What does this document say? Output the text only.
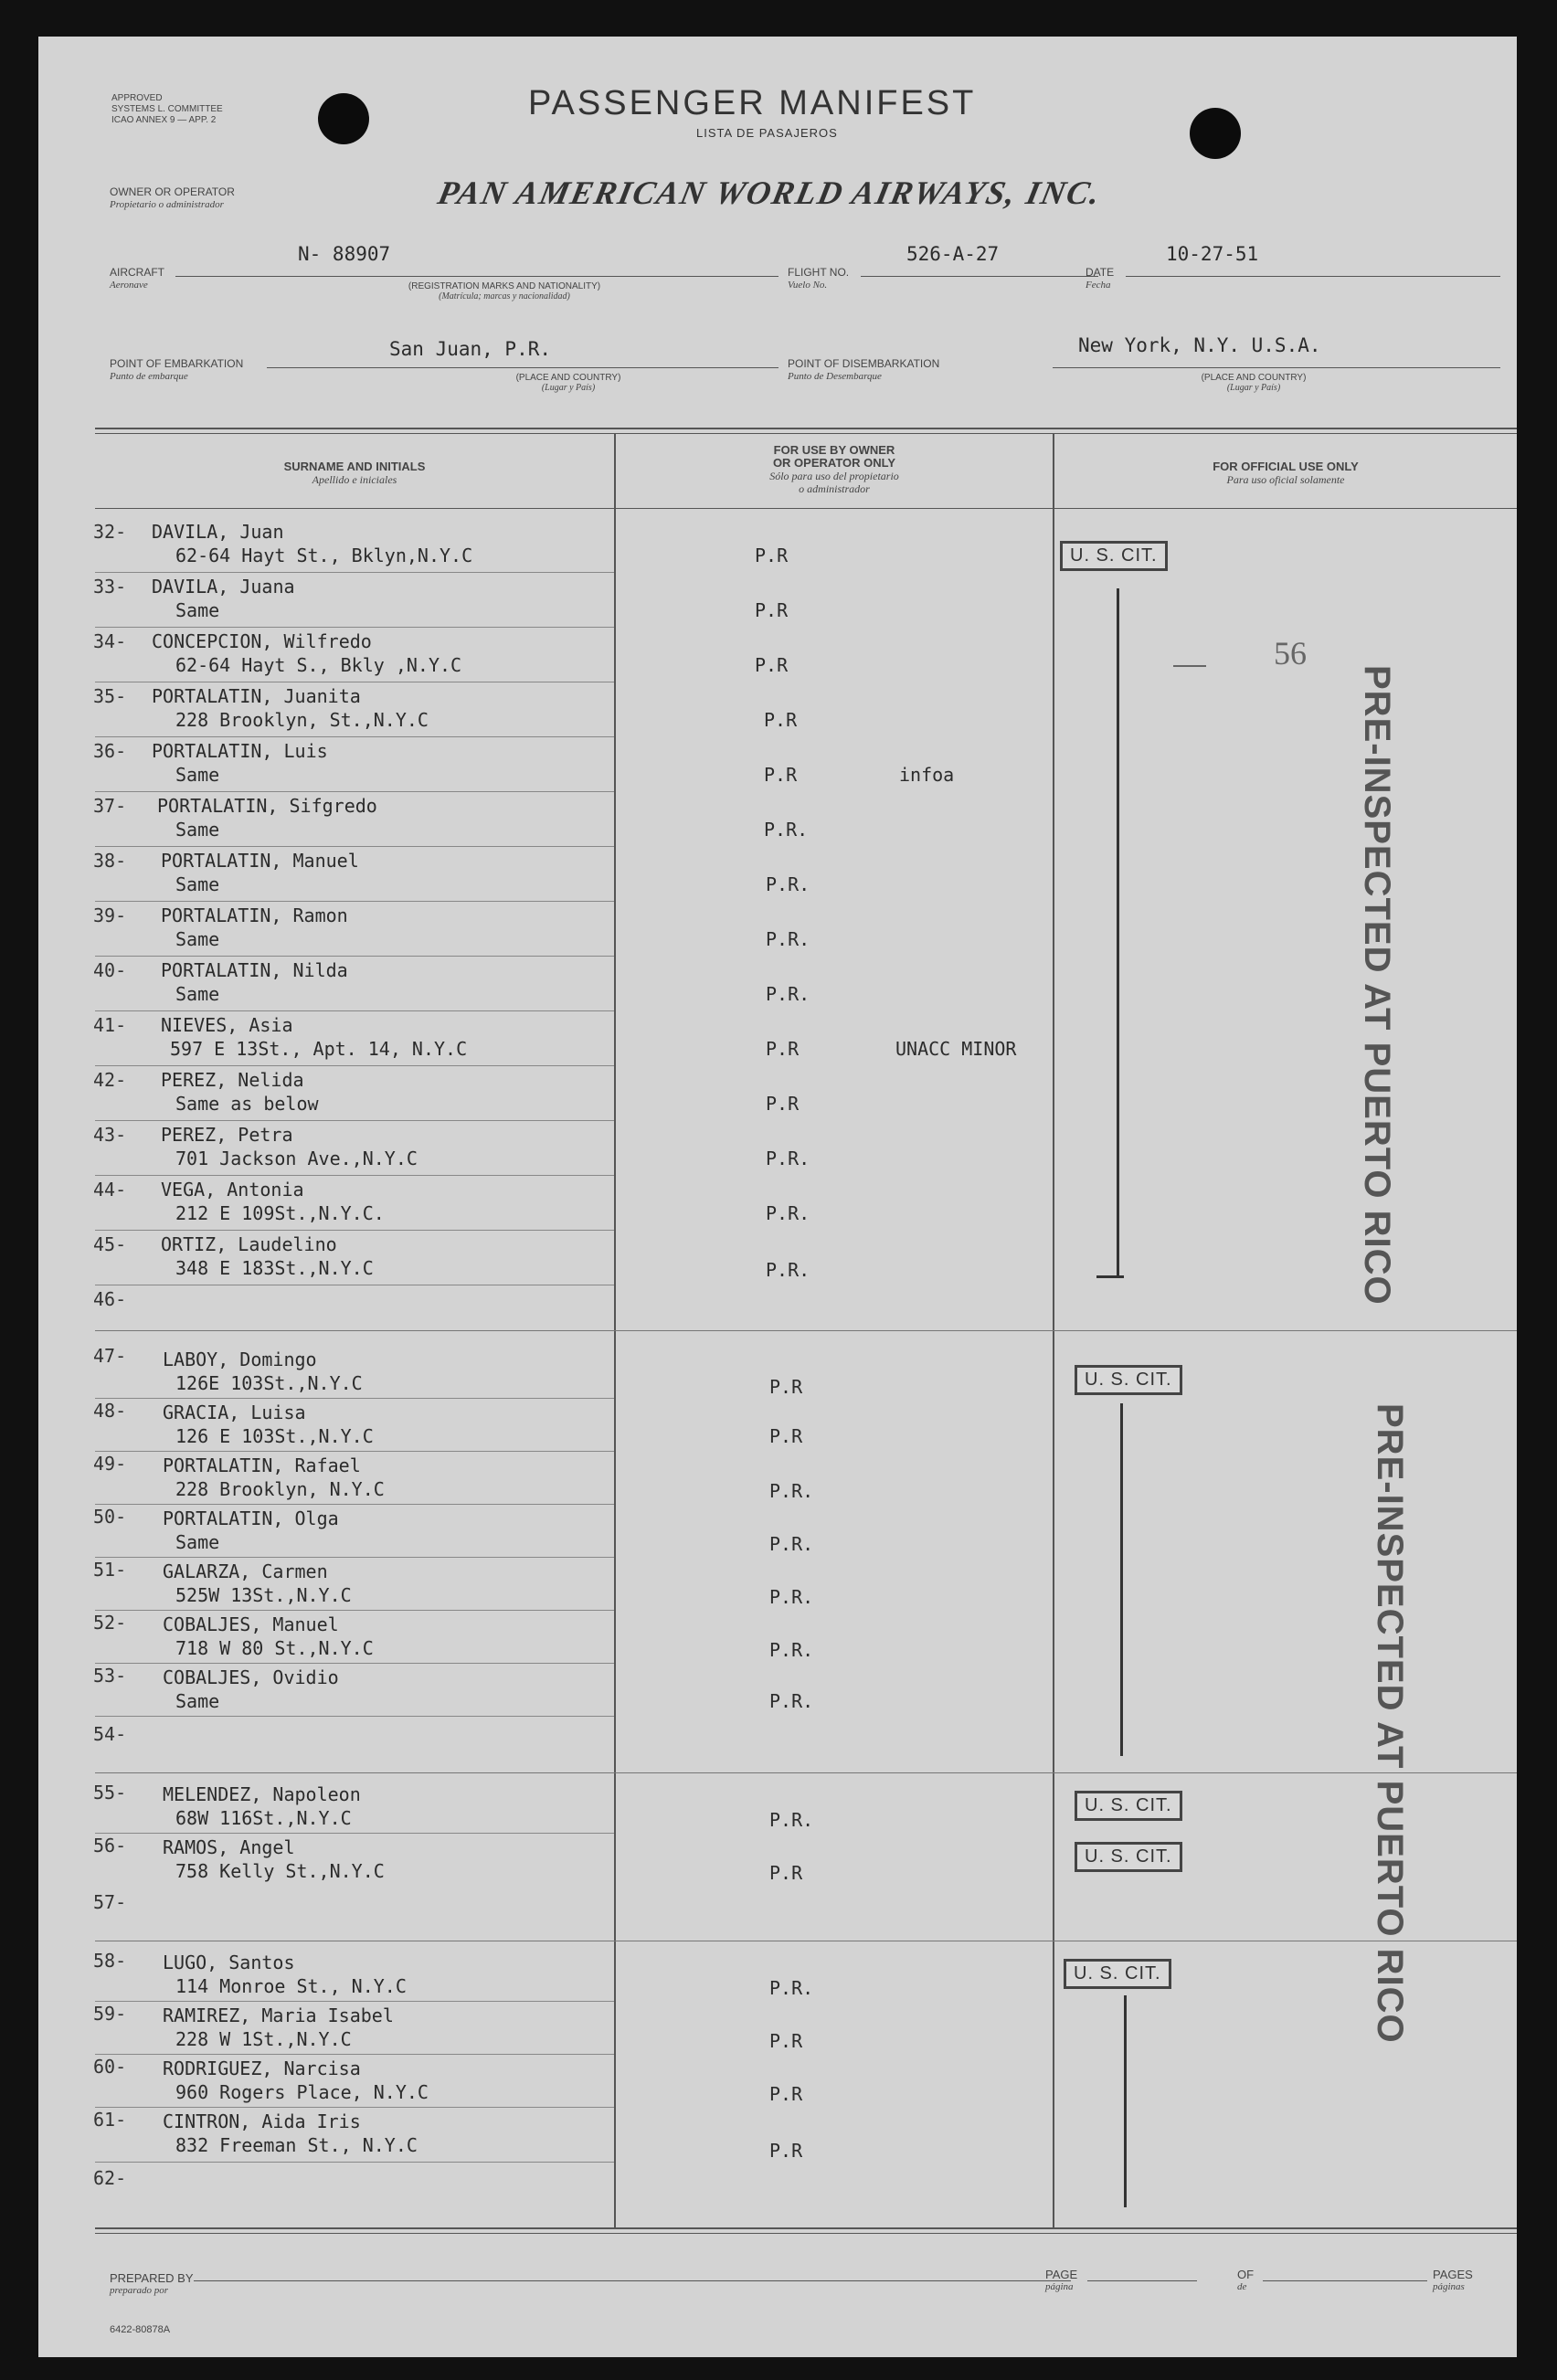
APPROVED
SYSTEMS L. COMMITTEE
ICAO ANNEX 9 — APP. 2	PASSENGER MANIFEST
LISTA DE PASAJEROS
OWNER OR OPERATOR
Propietario o administrador	PAN AMERICAN WORLD AIRWAYS, INC.
AIRCRAFT
Aeronave
N- 88907
(REGISTRATION MARKS AND NATIONALITY)
(Matrícula; marcas y nacionalidad)
FLIGHT NO.
Vuelo No.
526-A-27
DATE
Fecha
10-27-51
POINT OF EMBARKATION
Punto de embarque
San Juan, P.R.
(PLACE AND COUNTRY)
(Lugar y País)
POINT OF DISEMBARKATION
Punto de Desembarque
New York, N.Y. U.S.A.
(PLACE AND COUNTRY)
(Lugar y País)
SURNAME AND INITIALS
Apellido e iniciales
FOR USE BY OWNER
OR OPERATOR ONLY
Sólo para uso del propietario
o administrador
FOR OFFICIAL USE ONLY
Para uso oficial solamente
32- DAVILA, Juan
62-64 Hayt St., Bklyn,N.Y.C	P.R
33- DAVILA, Juana
Same	P.R
34- CONCEPCION, Wilfredo
62-64 Hayt S., Bkly ,N.Y.C	P.R
35- PORTALATIN, Juanita
228 Brooklyn, St.,N.Y.C	P.R
36- PORTALATIN, Luis
Same	P.R	infoa
37- PORTALATIN, Sifgredo
Same	P.R.
38- PORTALATIN, Manuel
Same	P.R.
39- PORTALATIN, Ramon
Same	P.R.
40- PORTALATIN, Nilda
Same	P.R.
41- NIEVES, Asia
597 E 13St., Apt. 14, N.Y.C	P.R	UNACC MINOR
42- PEREZ, Nelida
Same as below	P.R
43- PEREZ, Petra
701 Jackson Ave.,N.Y.C	P.R.
44- VEGA, Antonia
212 E 109St.,N.Y.C.	P.R.
45- ORTIZ, Laudelino
348 E 183St.,N.Y.C	P.R.
46-
47- LABOY, Domingo
126E 103St.,N.Y.C	P.R
48- GRACIA, Luisa
126 E 103St.,N.Y.C	P.R
49- PORTALATIN, Rafael
228 Brooklyn, N.Y.C	P.R.
50- PORTALATIN, Olga
Same	P.R.
51- GALARZA, Carmen
525W 13St.,N.Y.C	P.R.
52- COBALJES, Manuel
718 W 80 St.,N.Y.C	P.R.
53- COBALJES, Ovidio
Same	P.R.
54-
55- MELENDEZ, Napoleon
68W 116St.,N.Y.C	P.R.
56- RAMOS, Angel
758 Kelly St.,N.Y.C	P.R
57-
58- LUGO, Santos
114 Monroe St., N.Y.C	P.R.
59- RAMIREZ, Maria Isabel
228 W 1St.,N.Y.C	P.R
60- RODRIGUEZ, Narcisa
960 Rogers Place, N.Y.C	P.R
61- CINTRON, Aida Iris
832 Freeman St., N.Y.C	P.R
62-
U. S. CIT.
56
U. S. CIT.
U. S. CIT.
U. S. CIT.
U. S. CIT.
PRE-INSPECTED AT PUERTO RICO
PRE-INSPECTED AT PUERTO RICO
PREPARED BY
preparado por
PAGE
página
OF
de
PAGES
páginas
6422-80878A
